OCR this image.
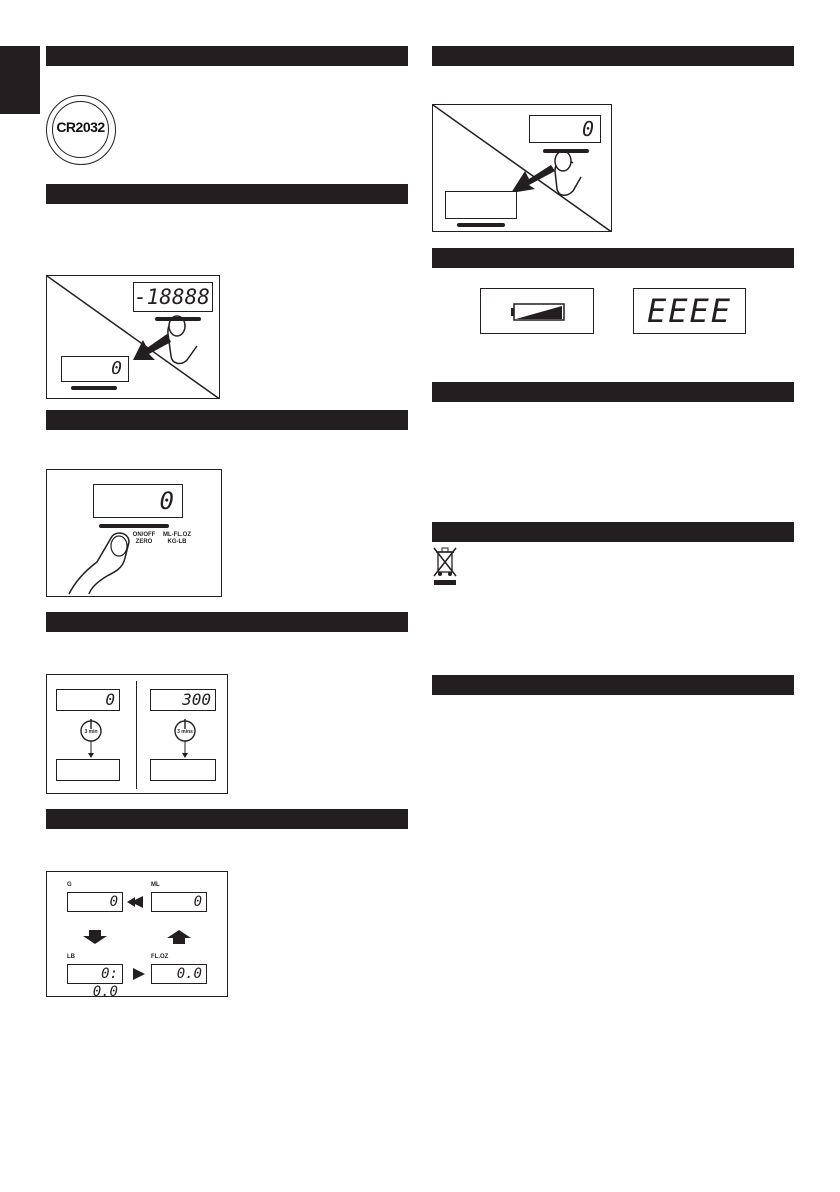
CR2032
-18888
0
0
ON/OFF
ZERO
ML-FL.OZ
KG-LB
0	300
3 min	3 mins
G	ML
0	0
LB	FL.OZ
0: 0.0
0.0
0
EEEE
